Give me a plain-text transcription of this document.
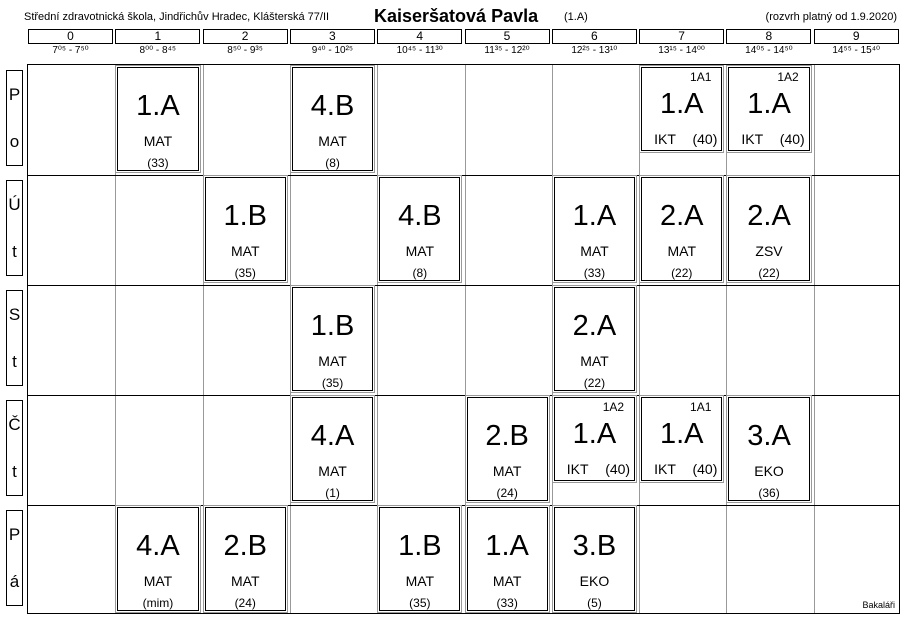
Střední zdravotnická škola, Jindřichův Hradec, Klášterská 77/II Kaiseršatová Pavla (1.A)	(rozvrh platný od 1.9.2020)
0
7⁰⁵ - 7⁵⁰
1
8⁰⁰ - 8⁴⁵
2
8⁵⁰ - 9³⁵
3
9⁴⁰ - 10²⁵
4
10⁴⁵ - 11³⁰
5
11³⁵ - 12²⁰
6
12²⁵ - 13¹⁰
7
13¹⁵ - 14⁰⁰
8
14⁰⁵ - 14⁵⁰
9
14⁵⁵ - 15⁴⁰
P
o
Ú
t
S
t
Č
t
P
á
1.A
MAT
(33)
4.B
MAT
(8)
1A1
1.A
IKT (40)
1A2
1.A
IKT (40)
1.B
MAT
(35)
4.B
MAT
(8)
1.A
MAT
(33)
2.A
MAT
(22)
2.A
ZSV
(22)
1.B
MAT
(35)
2.A
MAT
(22)
4.A
MAT
(1)
2.B
MAT
(24)
1A2
1.A
IKT (40)
1A1
1.A
IKT (40)
3.A
EKO
(36)
4.A
MAT
(mim)
2.B
MAT
(24)
1.B
MAT
(35)
1.A
MAT
(33)
3.B
EKO
(5)	Bakaláři
